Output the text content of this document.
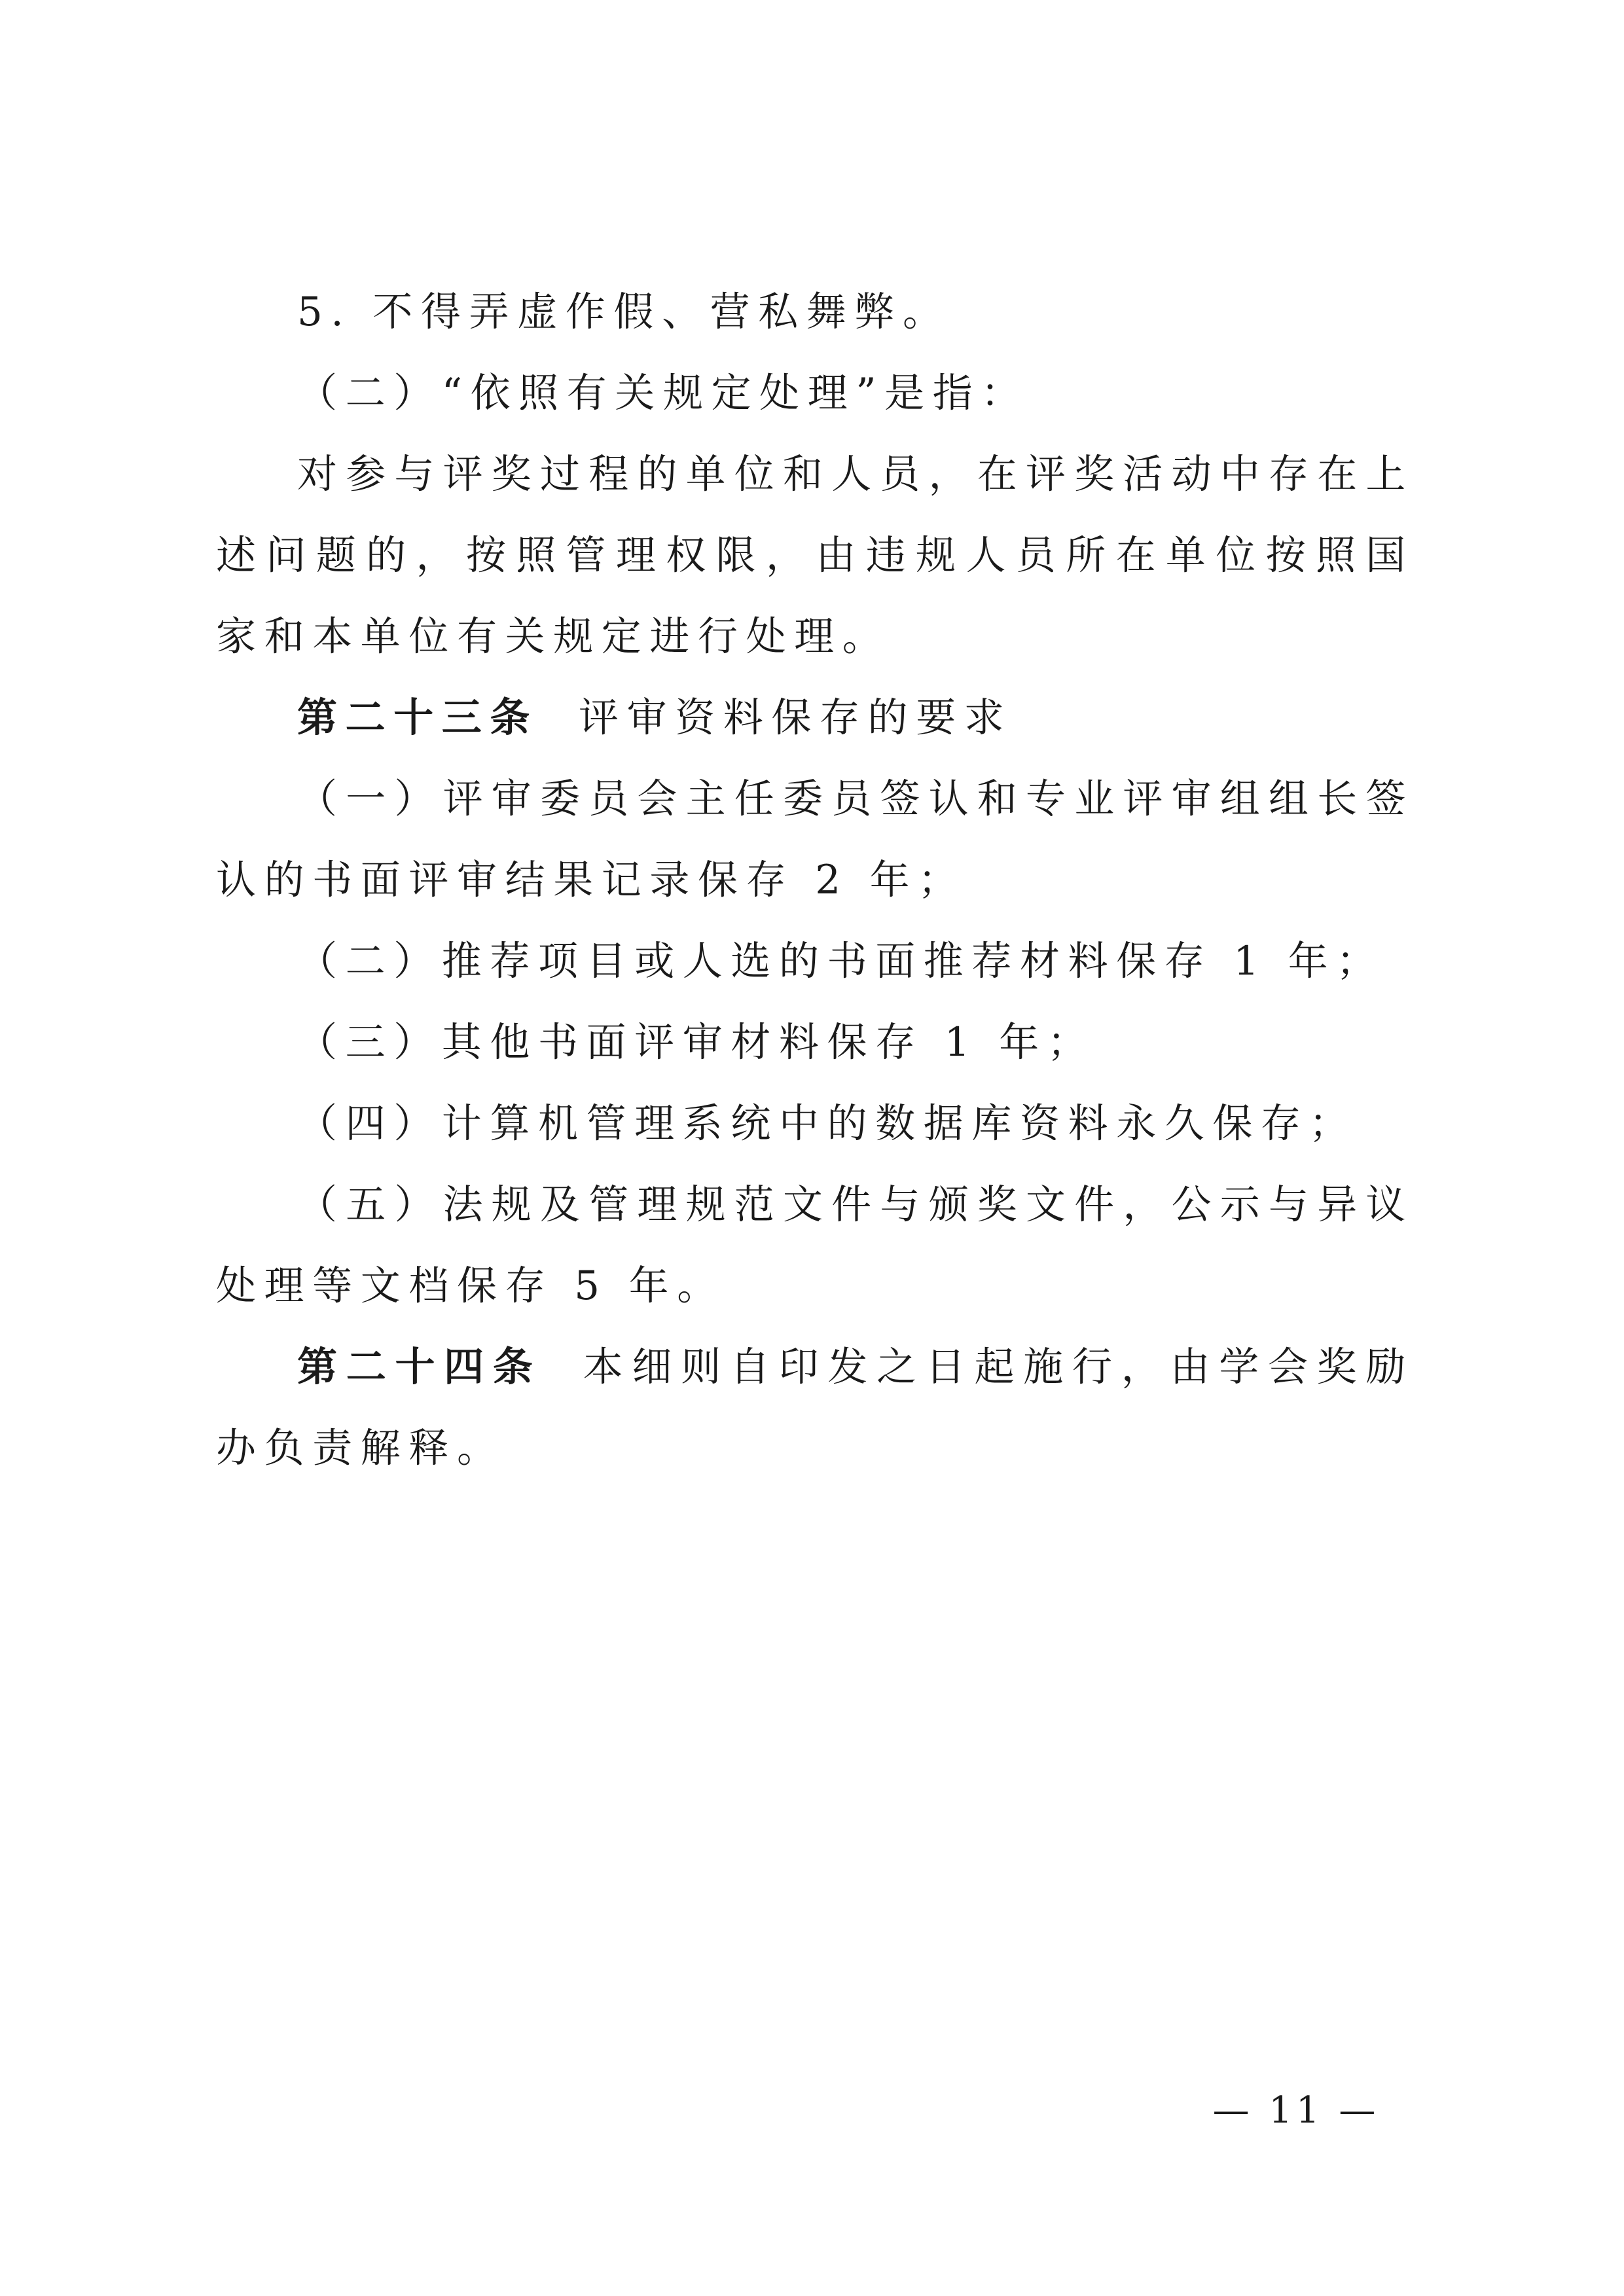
5. 不得弄虚作假、营私舞弊。

（二）“依照有关规定处理”是指：

对参与评奖过程的单位和人员，在评奖活动中存在上述问题的，按照管理权限，由违规人员所在单位按照国家和本单位有关规定进行处理。

第二十三条 评审资料保存的要求

（一）评审委员会主任委员签认和专业评审组组长签认的书面评审结果记录保存 2 年；

（二）推荐项目或人选的书面推荐材料保存 1 年；

（三）其他书面评审材料保存 1 年；

（四）计算机管理系统中的数据库资料永久保存；

（五）法规及管理规范文件与颁奖文件，公示与异议处理等文档保存 5 年。

第二十四条 本细则自印发之日起施行，由学会奖励办负责解释。

— 11 —
